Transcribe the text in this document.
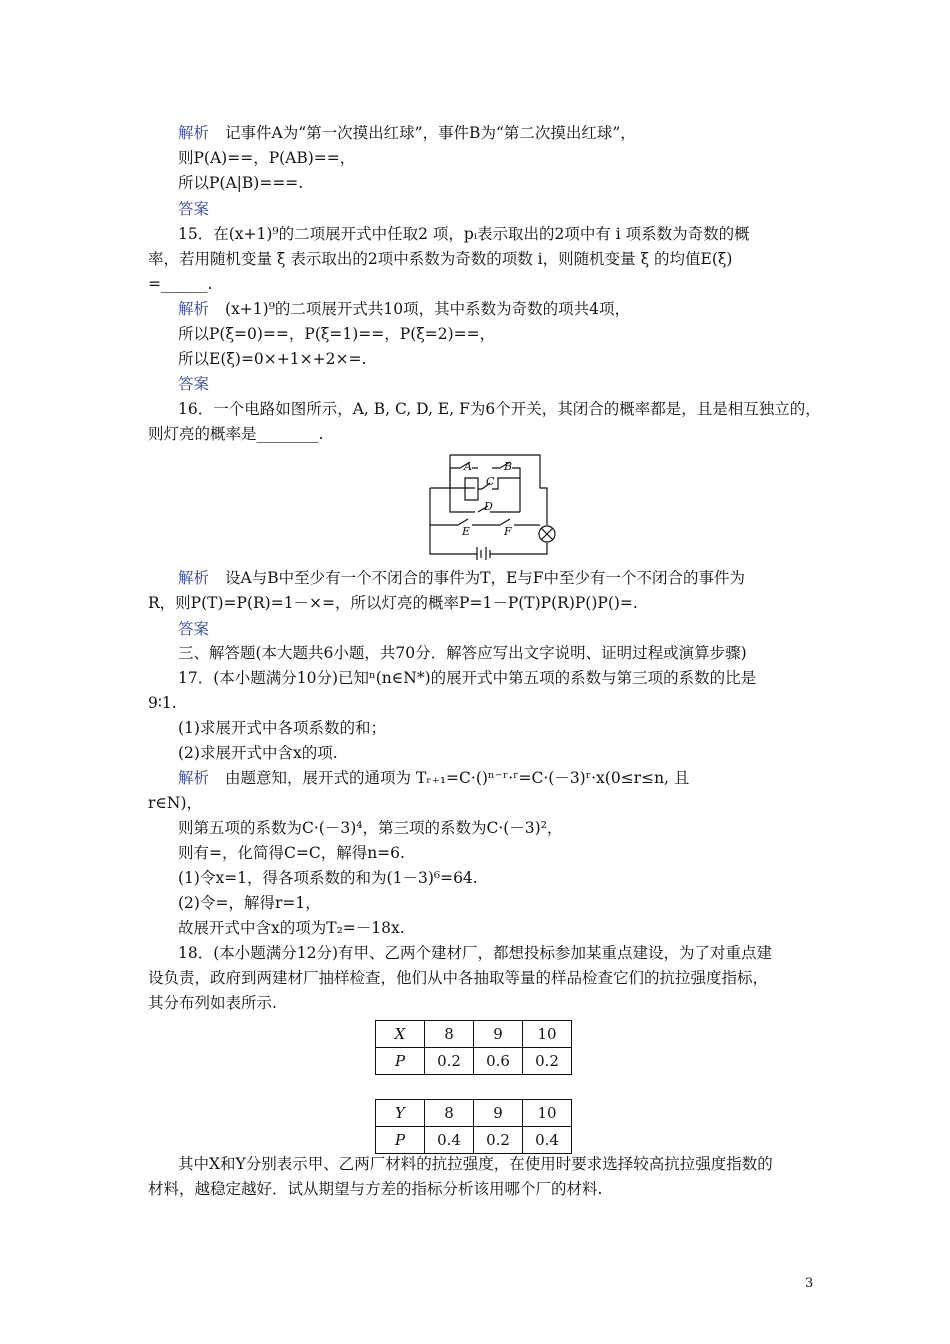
解析 记事件A为“第一次摸出红球”，事件B为“第二次摸出红球”，
则P(A)==，P(AB)==，
所以P(A|B)===.
答案
15．在(x+1)⁹的二项展开式中任取2 项，pᵢ表示取出的2项中有 i 项系数为奇数的概
率，若用随机变量 ξ 表示取出的2项中系数为奇数的项数 i，则随机变量 ξ 的均值E(ξ)
=______.
解析 (x+1)⁹的二项展开式共10项，其中系数为奇数的项共4项，
所以P(ξ=0)==，P(ξ=1)==，P(ξ=2)==，
所以E(ξ)=0×+1×+2×=.
答案
16．一个电路如图所示，A, B, C, D, E, F为6个开关，其闭合的概率都是，且是相互独立的，
则灯亮的概率是________.
A	B
C
D
E	F
解析 设A与B中至少有一个不闭合的事件为T，E与F中至少有一个不闭合的事件为
R，则P(T)=P(R)=1－×=，所以灯亮的概率P=1－P(T)P(R)P()P()=.
答案
三、解答题(本大题共6小题，共70分．解答应写出文字说明、证明过程或演算步骤)
17．(本小题满分10分)已知ⁿ(n∈N*)的展开式中第五项的系数与第三项的系数的比是
9∶1.
(1)求展开式中各项系数的和；
(2)求展开式中含x的项.
解析 由题意知，展开式的通项为 Tᵣ₊₁=C·()ⁿ⁻ʳ·ʳ=C·(－3)ʳ·x(0≤r≤n, 且
r∈N)，
则第五项的系数为C·(－3)⁴，第三项的系数为C·(－3)²，
则有=，化简得C=C，解得n=6.
(1)令x=1，得各项系数的和为(1－3)⁶=64.
(2)令=，解得r=1，
故展开式中含x的项为T₂=－18x.
18．(本小题满分12分)有甲、乙两个建材厂，都想投标参加某重点建设，为了对重点建
设负责，政府到两建材厂抽样检查，他们从中各抽取等量的样品检查它们的抗拉强度指标，
其分布列如表所示.
X	8	9	10
P	0.2	0.6	0.2
Y	8	9	10
P	0.4	0.2	0.4
其中X和Y分别表示甲、乙两厂材料的抗拉强度，在使用时要求选择较高抗拉强度指数的
材料，越稳定越好．试从期望与方差的指标分析该用哪个厂的材料.
3
